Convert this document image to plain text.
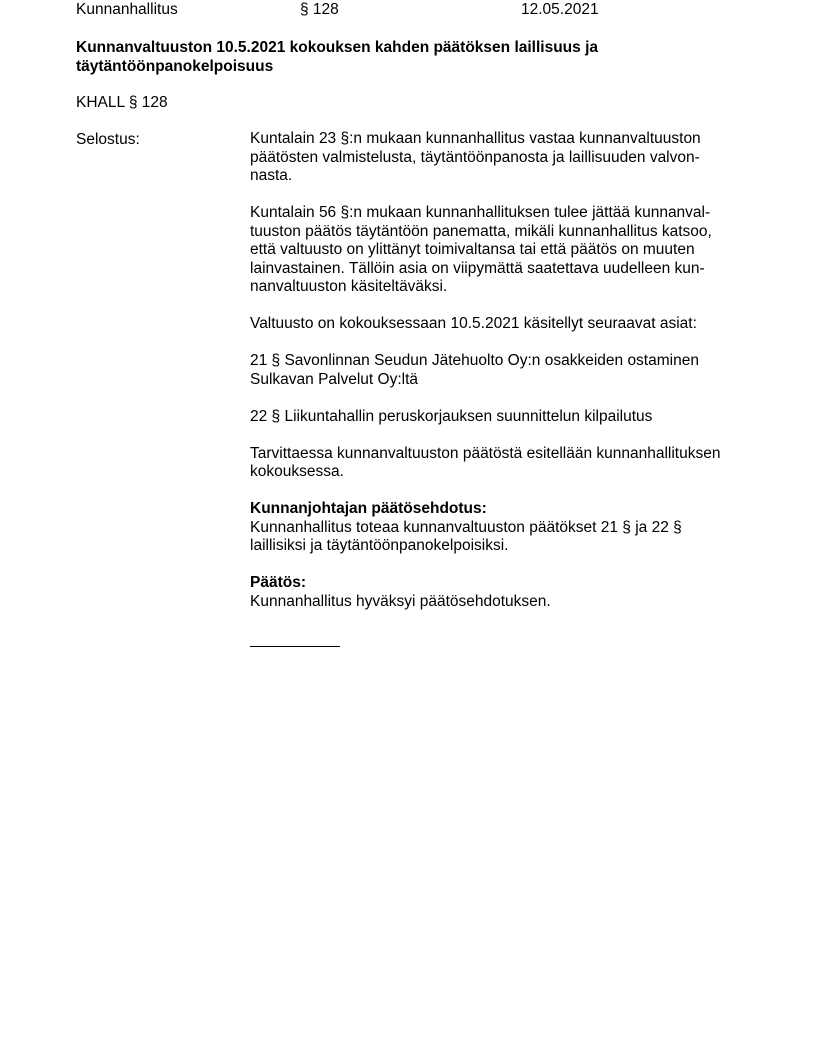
Kunnanhallitus	§ 128	12.05.2021
Kunnanvaltuuston 10.5.2021 kokouksen kahden päätöksen laillisuus ja
täytäntöönpanokelpoisuus
KHALL § 128
Selostus:	Kuntalain 23 §:n mukaan kunnanhallitus vastaa kunnanvaltuuston
päätösten valmistelusta, täytäntöönpanosta ja laillisuuden valvon-
nasta.

Kuntalain 56 §:n mukaan kunnanhallituksen tulee jättää kunnanval-
tuuston päätös täytäntöön panematta, mikäli kunnanhallitus katsoo,
että valtuusto on ylittänyt toimivaltansa tai että päätös on muuten
lainvastainen. Tällöin asia on viipymättä saatettava uudelleen kun-
nanvaltuuston käsiteltäväksi.

Valtuusto on kokouksessaan 10.5.2021 käsitellyt seuraavat asiat:

21 § Savonlinnan Seudun Jätehuolto Oy:n osakkeiden ostaminen
Sulkavan Palvelut Oy:ltä

22 § Liikuntahallin peruskorjauksen suunnittelun kilpailutus

Tarvittaessa kunnanvaltuuston päätöstä esitellään kunnanhallituksen
kokouksessa.

Kunnanjohtajan päätösehdotus:
Kunnanhallitus toteaa kunnanvaltuuston päätökset 21 § ja 22 §
laillisiksi ja täytäntöönpanokelpoisiksi.

Päätös:
Kunnanhallitus hyväksyi päätösehdotuksen.
